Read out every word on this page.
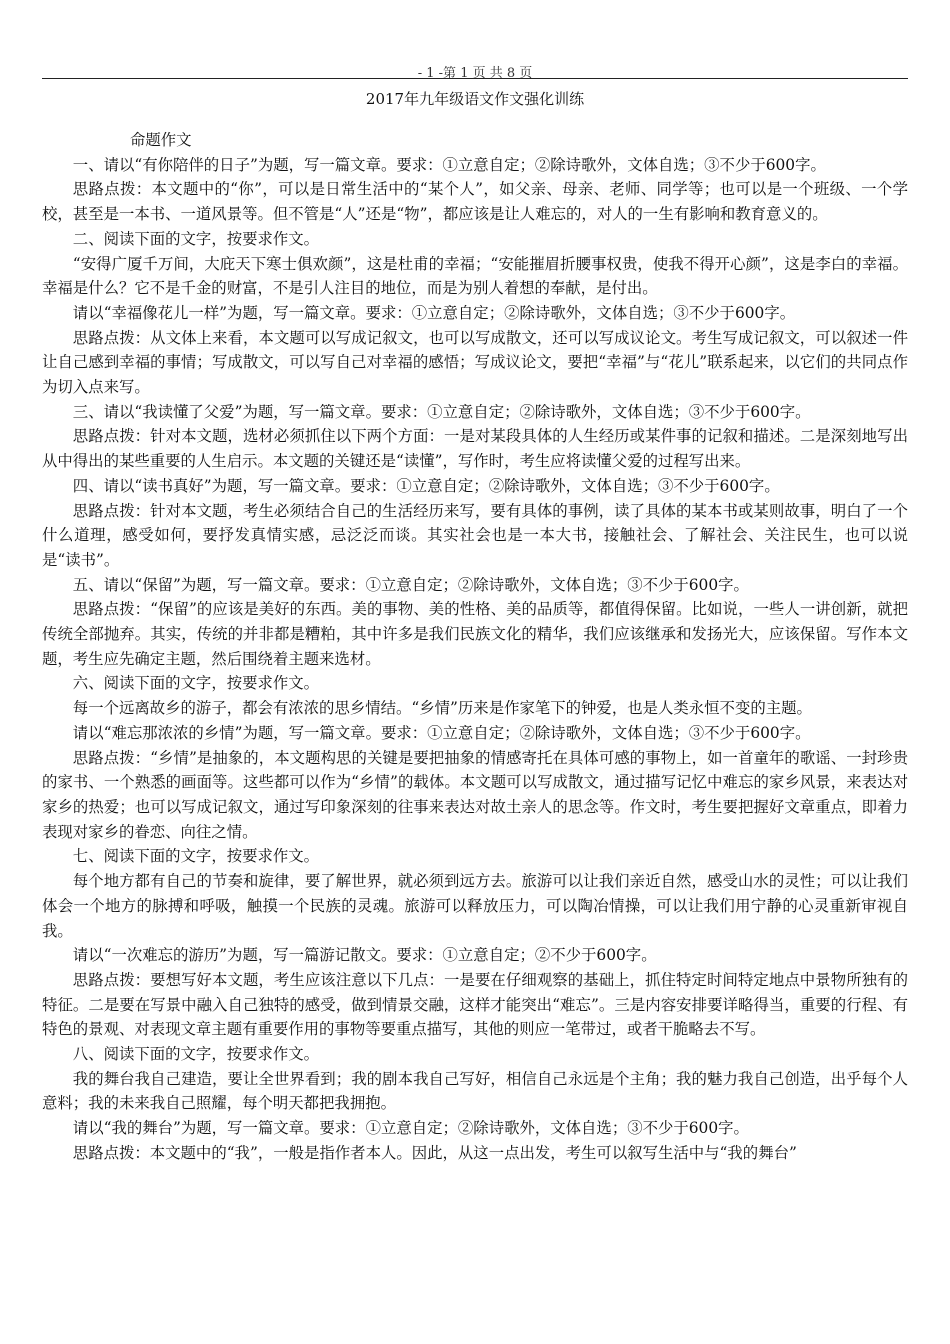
- 1 -第 1 页 共 8 页
2017年九年级语文作文强化训练

命题作文

一、请以“有你陪伴的日子”为题，写一篇文章。要求：①立意自定；②除诗歌外，文体自选；③不少于600字。

思路点拨：本文题中的“你”，可以是日常生活中的“某个人”，如父亲、母亲、老师、同学等；也可以是一个班级、一个学校，甚至是一本书、一道风景等。但不管是“人”还是“物”，都应该是让人难忘的，对人的一生有影响和教育意义的。

二、阅读下面的文字，按要求作文。

“安得广厦千万间，大庇天下寒士俱欢颜”，这是杜甫的幸福；“安能摧眉折腰事权贵，使我不得开心颜”，这是李白的幸福。幸福是什么？它不是千金的财富，不是引人注目的地位，而是为别人着想的奉献，是付出。

请以“幸福像花儿一样”为题，写一篇文章。要求：①立意自定；②除诗歌外，文体自选；③不少于600字。

思路点拨：从文体上来看，本文题可以写成记叙文，也可以写成散文，还可以写成议论文。考生写成记叙文，可以叙述一件让自己感到幸福的事情；写成散文，可以写自己对幸福的感悟；写成议论文，要把“幸福”与“花儿”联系起来，以它们的共同点作为切入点来写。

三、请以“我读懂了父爱”为题，写一篇文章。要求：①立意自定；②除诗歌外，文体自选；③不少于600字。

思路点拨：针对本文题，选材必须抓住以下两个方面：一是对某段具体的人生经历或某件事的记叙和描述。二是深刻地写出从中得出的某些重要的人生启示。本文题的关键还是“读懂”，写作时，考生应将读懂父爱的过程写出来。

四、请以“读书真好”为题，写一篇文章。要求：①立意自定；②除诗歌外，文体自选；③不少于600字。

思路点拨：针对本文题，考生必须结合自己的生活经历来写，要有具体的事例，读了具体的某本书或某则故事，明白了一个什么道理，感受如何，要抒发真情实感，忌泛泛而谈。其实社会也是一本大书，接触社会、了解社会、关注民生，也可以说是“读书”。

五、请以“保留”为题，写一篇文章。要求：①立意自定；②除诗歌外，文体自选；③不少于600字。

思路点拨：“保留”的应该是美好的东西。美的事物、美的性格、美的品质等，都值得保留。比如说，一些人一讲创新，就把传统全部抛弃。其实，传统的并非都是糟粕，其中许多是我们民族文化的精华，我们应该继承和发扬光大，应该保留。写作本文题，考生应先确定主题，然后围绕着主题来选材。

六、阅读下面的文字，按要求作文。

每一个远离故乡的游子，都会有浓浓的思乡情结。“乡情”历来是作家笔下的钟爱，也是人类永恒不变的主题。

请以“难忘那浓浓的乡情”为题，写一篇文章。要求：①立意自定；②除诗歌外，文体自选；③不少于600字。

思路点拨：“乡情”是抽象的，本文题构思的关键是要把抽象的情感寄托在具体可感的事物上，如一首童年的歌谣、一封珍贵的家书、一个熟悉的画面等。这些都可以作为“乡情”的载体。本文题可以写成散文，通过描写记忆中难忘的家乡风景，来表达对家乡的热爱；也可以写成记叙文，通过写印象深刻的往事来表达对故土亲人的思念等。作文时，考生要把握好文章重点，即着力表现对家乡的眷恋、向往之情。

七、阅读下面的文字，按要求作文。

每个地方都有自己的节奏和旋律，要了解世界，就必须到远方去。旅游可以让我们亲近自然，感受山水的灵性；可以让我们体会一个地方的脉搏和呼吸，触摸一个民族的灵魂。旅游可以释放压力，可以陶冶情操，可以让我们用宁静的心灵重新审视自我。

请以“一次难忘的游历”为题，写一篇游记散文。要求：①立意自定；②不少于600字。

思路点拨：要想写好本文题，考生应该注意以下几点：一是要在仔细观察的基础上，抓住特定时间特定地点中景物所独有的特征。二是要在写景中融入自己独特的感受，做到情景交融，这样才能突出“难忘”。三是内容安排要详略得当，重要的行程、有特色的景观、对表现文章主题有重要作用的事物等要重点描写，其他的则应一笔带过，或者干脆略去不写。

八、阅读下面的文字，按要求作文。

我的舞台我自己建造，要让全世界看到；我的剧本我自己写好，相信自己永远是个主角；我的魅力我自己创造，出乎每个人意料；我的未来我自己照耀，每个明天都把我拥抱。

请以“我的舞台”为题，写一篇文章。要求：①立意自定；②除诗歌外，文体自选；③不少于600字。

思路点拨：本文题中的“我”，一般是指作者本人。因此，从这一点出发，考生可以叙写生活中与“我的舞台”
